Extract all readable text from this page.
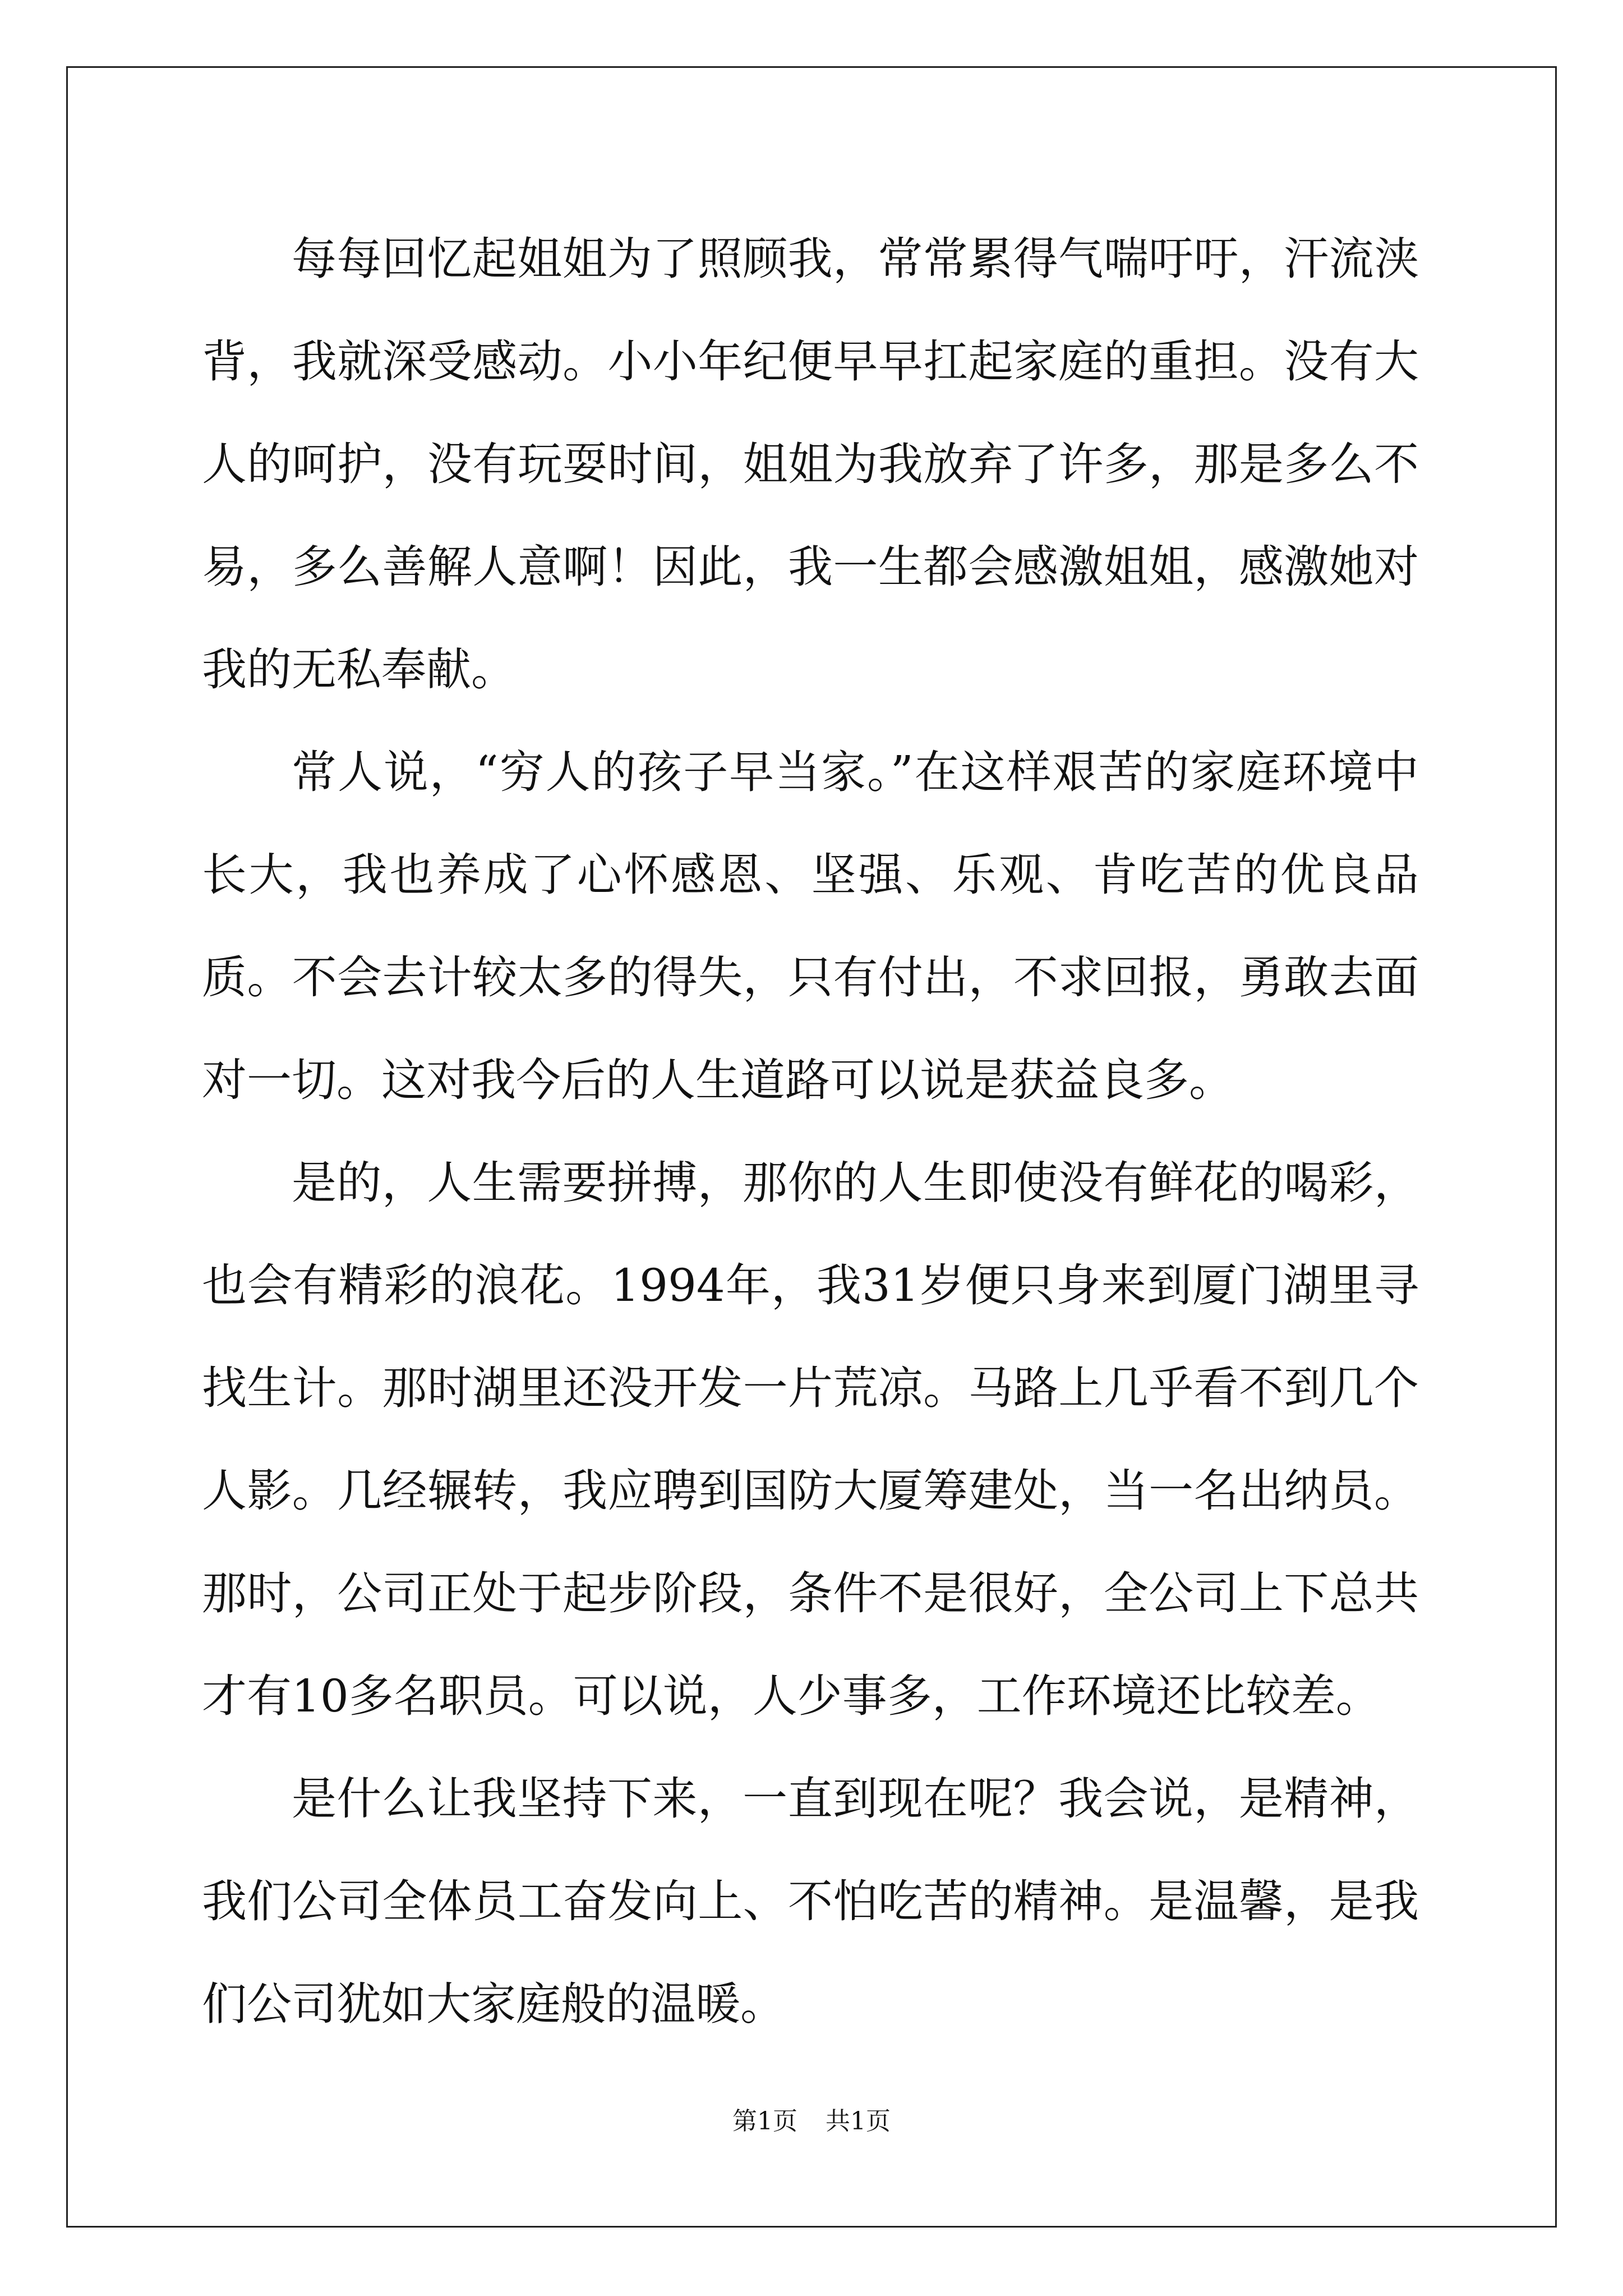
每每回忆起姐姐为了照顾我，常常累得气喘吁吁，汗流浃背，我就深受感动。小小年纪便早早扛起家庭的重担。没有大人的呵护，没有玩耍时间，姐姐为我放弃了许多，那是多么不易，多么善解人意啊！因此，我一生都会感激姐姐，感激她对我的无私奉献。

常人说，“穷人的孩子早当家。”在这样艰苦的家庭环境中长大，我也养成了心怀感恩、坚强、乐观、肯吃苦的优良品质。不会去计较太多的得失，只有付出，不求回报，勇敢去面对一切。这对我今后的人生道路可以说是获益良多。

是的，人生需要拼搏，那你的人生即使没有鲜花的喝彩，也会有精彩的浪花。1994年，我31岁便只身来到厦门湖里寻找生计。那时湖里还没开发一片荒凉。马路上几乎看不到几个人影。几经辗转，我应聘到国防大厦筹建处，当一名出纳员。那时，公司正处于起步阶段，条件不是很好，全公司上下总共才有10多名职员。可以说，人少事多，工作环境还比较差。

是什么让我坚持下来，一直到现在呢？我会说，是精神，我们公司全体员工奋发向上、不怕吃苦的精神。是温馨，是我们公司犹如大家庭般的温暖。

第1页 共1页
